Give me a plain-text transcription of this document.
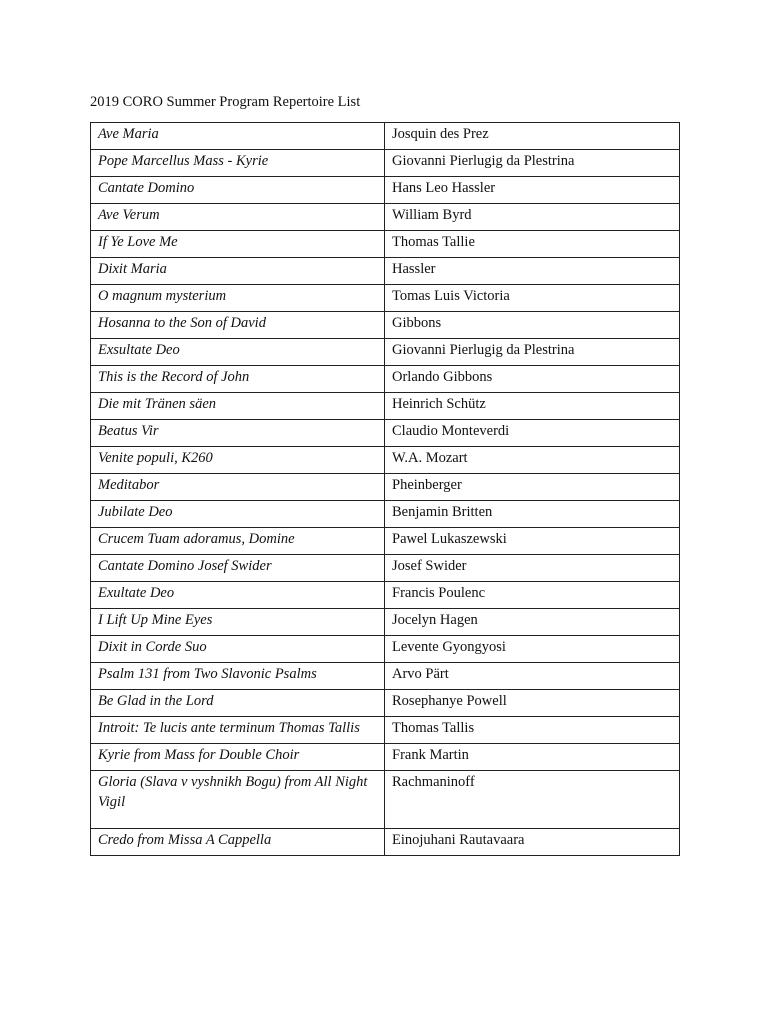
2019 CORO Summer Program Repertoire List
Ave Maria	Josquin des Prez
Pope Marcellus Mass - Kyrie	Giovanni Pierlugig da Plestrina
Cantate Domino	Hans Leo Hassler
Ave Verum	William Byrd
If Ye Love Me	Thomas Tallie
Dixit Maria	Hassler
O magnum mysterium	Tomas Luis Victoria
Hosanna to the Son of David	Gibbons
Exsultate Deo	Giovanni Pierlugig da Plestrina
This is the Record of John	Orlando Gibbons
Die mit Tränen säen	Heinrich Schütz
Beatus Vir	Claudio Monteverdi
Venite populi, K260	W.A. Mozart
Meditabor	Pheinberger
Jubilate Deo	Benjamin Britten
Crucem Tuam adoramus, Domine	Pawel Lukaszewski
Cantate Domino Josef Swider	Josef Swider
Exultate Deo	Francis Poulenc
I Lift Up Mine Eyes	Jocelyn Hagen
Dixit in Corde Suo	Levente Gyongyosi
Psalm 131 from Two Slavonic Psalms	Arvo Pärt
Be Glad in the Lord	Rosephanye Powell
Introit: Te lucis ante terminum Thomas Tallis	Thomas Tallis
Kyrie from Mass for Double Choir	Frank Martin
Gloria (Slava v vyshnikh Bogu) from All Night Vigil	Rachmaninoff
Credo from Missa A Cappella	Einojuhani Rautavaara
